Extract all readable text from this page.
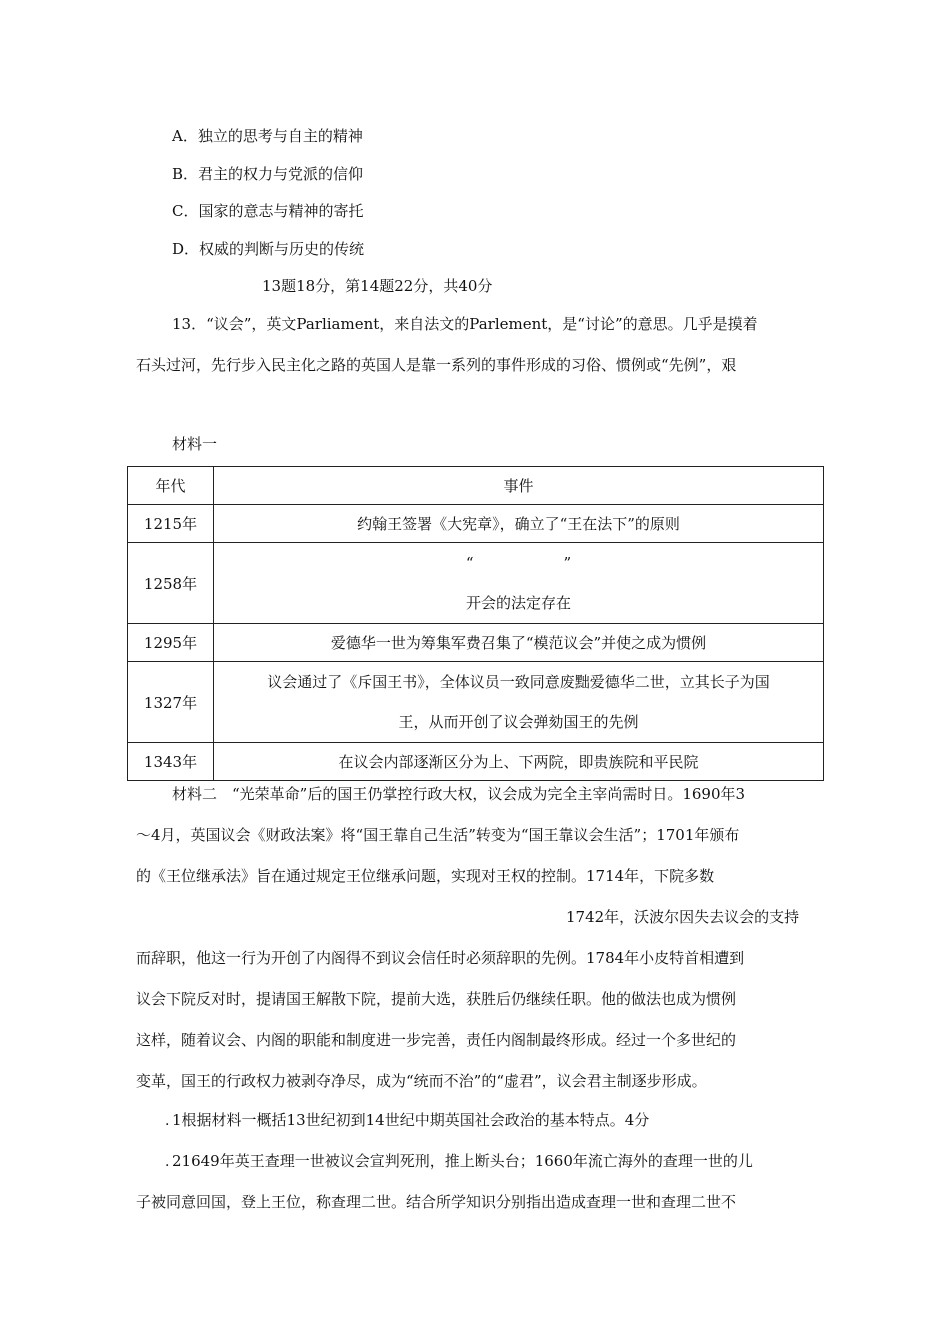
A．独立的思考与自主的精神
B．君主的权力与党派的信仰
C．国家的意志与精神的寄托
D．权威的判断与历史的传统
13题18分，第14题22分，共40分
13．“议会”，英文Parliament，来自法文的Parlement，是“讨论”的意思。几乎是摸着
石头过河，先行步入民主化之路的英国人是靠一系列的事件形成的习俗、惯例或“先例”，艰
材料一
年代	事件
1215年	约翰王签署《大宪章》，确立了“王在法下”的原则
1258年	“　　　　　　”
开会的法定存在

1295年	爱德华一世为筹集军费召集了“模范议会”并使之成为惯例
1327年	议会通过了《斥国王书》，全体议员一致同意废黜爱德华二世，立其长子为国
王，从而开创了议会弹劾国王的先例

1343年	在议会内部逐渐区分为上、下两院，即贵族院和平民院
材料二　“光荣革命”后的国王仍掌控行政大权，议会成为完全主宰尚需时日。1690年3
～4月，英国议会《财政法案》将“国王靠自己生活”转变为“国王靠议会生活”；1701年颁布
的《王位继承法》旨在通过规定王位继承问题，实现对王权的控制。1714年，下院多数
1742年，沃波尔因失去议会的支持
而辞职，他这一行为开创了内阁得不到议会信任时必须辞职的先例。1784年小皮特首相遭到
议会下院反对时，提请国王解散下院，提前大选，获胜后仍继续任职。他的做法也成为惯例
这样，随着议会、内阁的职能和制度进一步完善，责任内阁制最终形成。经过一个多世纪的
变革，国王的行政权力被剥夺净尽，成为“统而不治”的“虚君”，议会君主制逐步形成。
. 1根据材料一概括13世纪初到14世纪中期英国社会政治的基本特点。4分
. 21649年英王查理一世被议会宣判死刑，推上断头台；1660年流亡海外的查理一世的儿
子被同意回国，登上王位，称查理二世。结合所学知识分别指出造成查理一世和查理二世不
